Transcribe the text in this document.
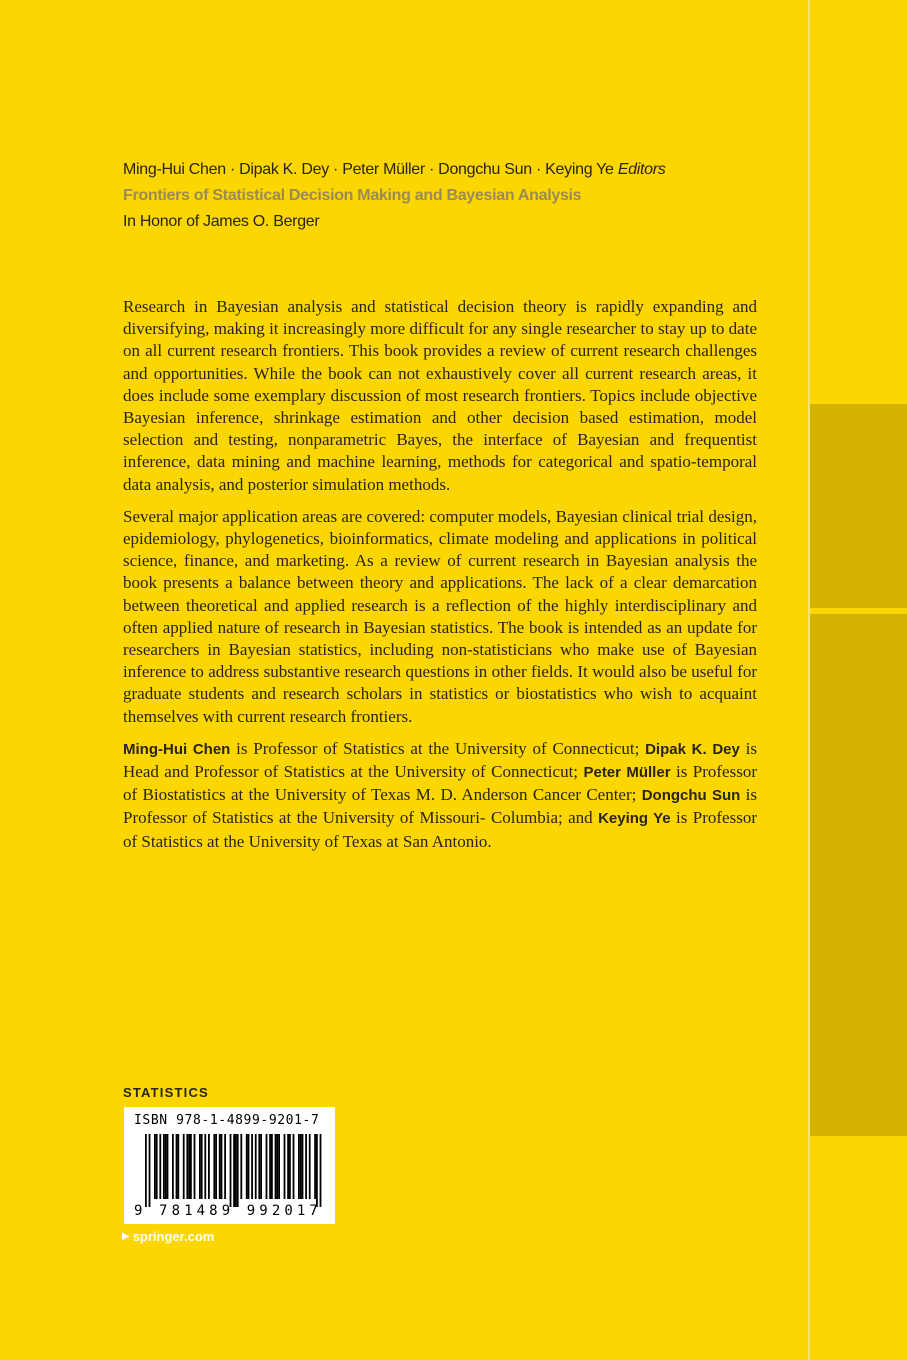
Ming-Hui Chen · Dipak K. Dey · Peter Müller · Dongchu Sun · Keying Ye Editors
Frontiers of Statistical Decision Making and Bayesian Analysis
In Honor of James O. Berger

Research in Bayesian analysis and statistical decision theory is rapidly expanding and diversifying, making it increasingly more difficult for any single researcher to stay up to date on all current research frontiers. This book provides a review of current research challenges and opportunities. While the book can not exhaustively cover all current research areas, it does include some exemplary discussion of most research frontiers. Topics include objective Bayesian inference, shrinkage estimation and other decision based estimation, model selection and testing, nonparametric Bayes, the interface of Bayesian and frequentist inference, data mining and machine learning, methods for categorical and spatio-temporal data analysis, and posterior simulation methods.

Several major application areas are covered: computer models, Bayesian clinical trial design, epidemiology, phylogenetics, bioinformatics, climate modeling and applications in political science, finance, and marketing. As a review of current research in Bayesian analysis the book presents a balance between theory and applications. The lack of a clear demarcation between theoretical and applied research is a reflection of the highly interdisciplinary and often applied nature of research in Bayesian statistics. The book is intended as an update for researchers in Bayesian statistics, including non-statisticians who make use of Bayesian inference to address substantive research questions in other fields. It would also be useful for graduate students and research scholars in statistics or biostatistics who wish to acquaint themselves with current research frontiers.

Ming-Hui Chen is Professor of Statistics at the University of Connecticut; Dipak K. Dey is Head and Professor of Statistics at the University of Connecticut; Peter Müller is Professor of Biostatistics at the University of Texas M. D. Anderson Cancer Center; Dongchu Sun is Professor of Statistics at the University of Missouri- Columbia; and Keying Ye is Professor of Statistics at the University of Texas at San Antonio.

STATISTICS
ISBN 978-1-4899-9201-7
9 781489 992017
▶ springer.com
